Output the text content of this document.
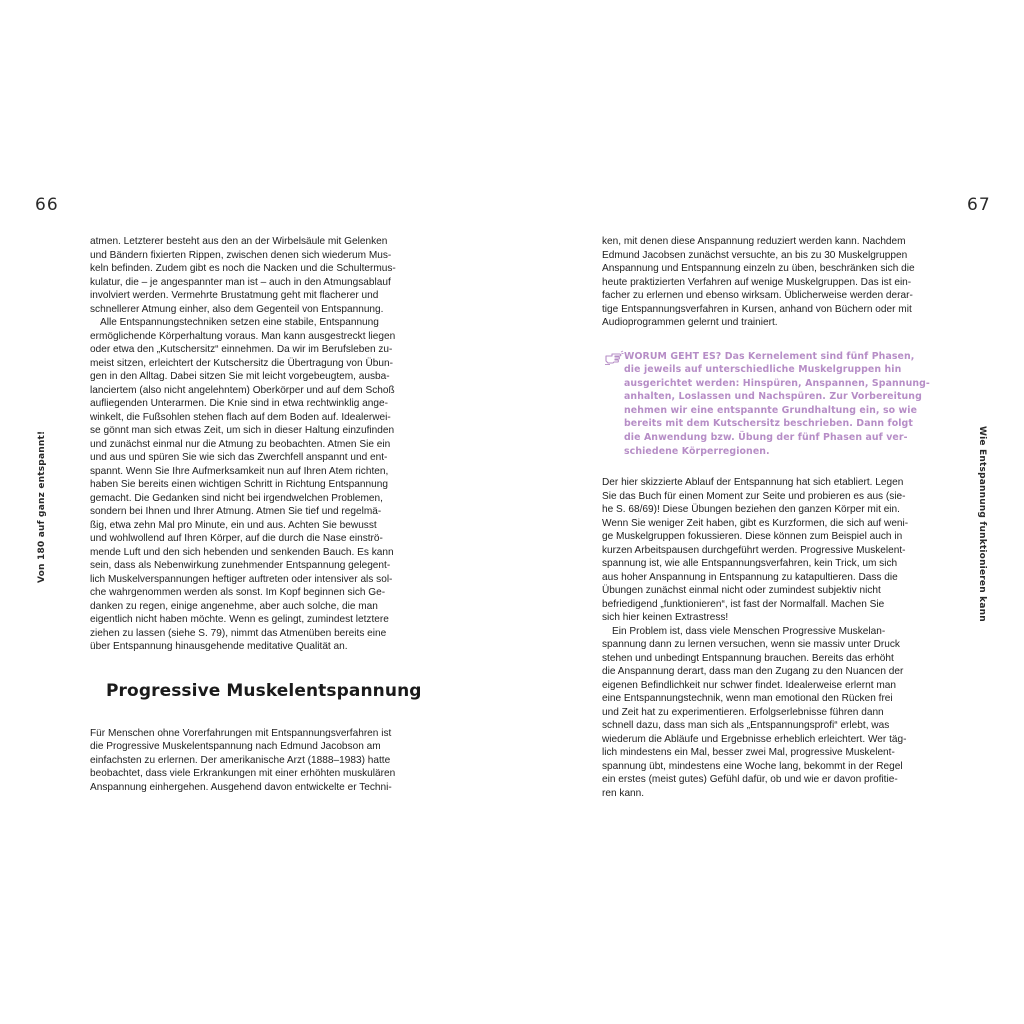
66	67
Von 180 auf ganz entspannt!	Wie Entspannung funktionieren kann
atmen. Letzterer besteht aus den an der Wirbelsäule mit Gelenken
und Bändern fixierten Rippen, zwischen denen sich wiederum Mus-
keln befinden. Zudem gibt es noch die Nacken und die Schultermus-
kulatur, die – je angespannter man ist – auch in den Atmungsablauf
involviert werden. Vermehrte Brustatmung geht mit flacherer und
schnellerer Atmung einher, also dem Gegenteil von Entspannung.
Alle Entspannungstechniken setzen eine stabile, Entspannung
ermöglichende Körperhaltung voraus. Man kann ausgestreckt liegen
oder etwa den „Kutschersitz“ einnehmen. Da wir im Berufsleben zu-
meist sitzen, erleichtert der Kutschersitz die Übertragung von Übun-
gen in den Alltag. Dabei sitzen Sie mit leicht vorgebeugtem, ausba-
lanciertem (also nicht angelehntem) Oberkörper und auf dem Schoß
aufliegenden Unterarmen. Die Knie sind in etwa rechtwinklig ange-
winkelt, die Fußsohlen stehen flach auf dem Boden auf. Idealerwei-
se gönnt man sich etwas Zeit, um sich in dieser Haltung einzufinden
und zunächst einmal nur die Atmung zu beobachten. Atmen Sie ein
und aus und spüren Sie wie sich das Zwerchfell anspannt und ent-
spannt. Wenn Sie Ihre Aufmerksamkeit nun auf Ihren Atem richten,
haben Sie bereits einen wichtigen Schritt in Richtung Entspannung
gemacht. Die Gedanken sind nicht bei irgendwelchen Problemen,
sondern bei Ihnen und Ihrer Atmung. Atmen Sie tief und regelmä-
ßig, etwa zehn Mal pro Minute, ein und aus. Achten Sie bewusst
und wohlwollend auf Ihren Körper, auf die durch die Nase einströ-
mende Luft und den sich hebenden und senkenden Bauch. Es kann
sein, dass als Nebenwirkung zunehmender Entspannung gelegent-
lich Muskelverspannungen heftiger auftreten oder intensiver als sol-
che wahrgenommen werden als sonst. Im Kopf beginnen sich Ge-
danken zu regen, einige angenehme, aber auch solche, die man
eigentlich nicht haben möchte. Wenn es gelingt, zumindest letztere
ziehen zu lassen (siehe S. 79), nimmt das Atmenüben bereits eine
über Entspannung hinausgehende meditative Qualität an.
Progressive Muskelentspannung
Für Menschen ohne Vorerfahrungen mit Entspannungsverfahren ist
die Progressive Muskelentspannung nach Edmund Jacobson am
einfachsten zu erlernen. Der amerikanische Arzt (1888–1983) hatte
beobachtet, dass viele Erkrankungen mit einer erhöhten muskulären
Anspannung einhergehen. Ausgehend davon entwickelte er Techni-
ken, mit denen diese Anspannung reduziert werden kann. Nachdem
Edmund Jacobsen zunächst versuchte, an bis zu 30 Muskelgruppen
Anspannung und Entspannung einzeln zu üben, beschränken sich die
heute praktizierten Verfahren auf wenige Muskelgruppen. Das ist ein-
facher zu erlernen und ebenso wirksam. Üblicherweise werden derar-
tige Entspannungsverfahren in Kursen, anhand von Büchern oder mit
Audioprogrammen gelernt und trainiert.
WORUM GEHT ES? Das Kernelement sind fünf Phasen,
die jeweils auf unterschiedliche Muskelgruppen hin
ausgerichtet werden: Hinspüren, Anspannen, Spannung-
anhalten, Loslassen und Nachspüren. Zur Vorbereitung
nehmen wir eine entspannte Grundhaltung ein, so wie
bereits mit dem Kutschersitz beschrieben. Dann folgt
die Anwendung bzw. Übung der fünf Phasen auf ver-
schiedene Körperregionen.
Der hier skizzierte Ablauf der Entspannung hat sich etabliert. Legen
Sie das Buch für einen Moment zur Seite und probieren es aus (sie-
he S. 68/69)! Diese Übungen beziehen den ganzen Körper mit ein.
Wenn Sie weniger Zeit haben, gibt es Kurzformen, die sich auf weni-
ge Muskelgruppen fokussieren. Diese können zum Beispiel auch in
kurzen Arbeitspausen durchgeführt werden. Progressive Muskelent-
spannung ist, wie alle Entspannungsverfahren, kein Trick, um sich
aus hoher Anspannung in Entspannung zu katapultieren. Dass die
Übungen zunächst einmal nicht oder zumindest subjektiv nicht
befriedigend „funktionieren“, ist fast der Normalfall. Machen Sie
sich hier keinen Extrastress!
Ein Problem ist, dass viele Menschen Progressive Muskelan-
spannung dann zu lernen versuchen, wenn sie massiv unter Druck
stehen und unbedingt Entspannung brauchen. Bereits das erhöht
die Anspannung derart, dass man den Zugang zu den Nuancen der
eigenen Befindlichkeit nur schwer findet. Idealerweise erlernt man
eine Entspannungstechnik, wenn man emotional den Rücken frei
und Zeit hat zu experimentieren. Erfolgserlebnisse führen dann
schnell dazu, dass man sich als „Entspannungsprofi“ erlebt, was
wiederum die Abläufe und Ergebnisse erheblich erleichtert. Wer täg-
lich mindestens ein Mal, besser zwei Mal, progressive Muskelent-
spannung übt, mindestens eine Woche lang, bekommt in der Regel
ein erstes (meist gutes) Gefühl dafür, ob und wie er davon profitie-
ren kann.
